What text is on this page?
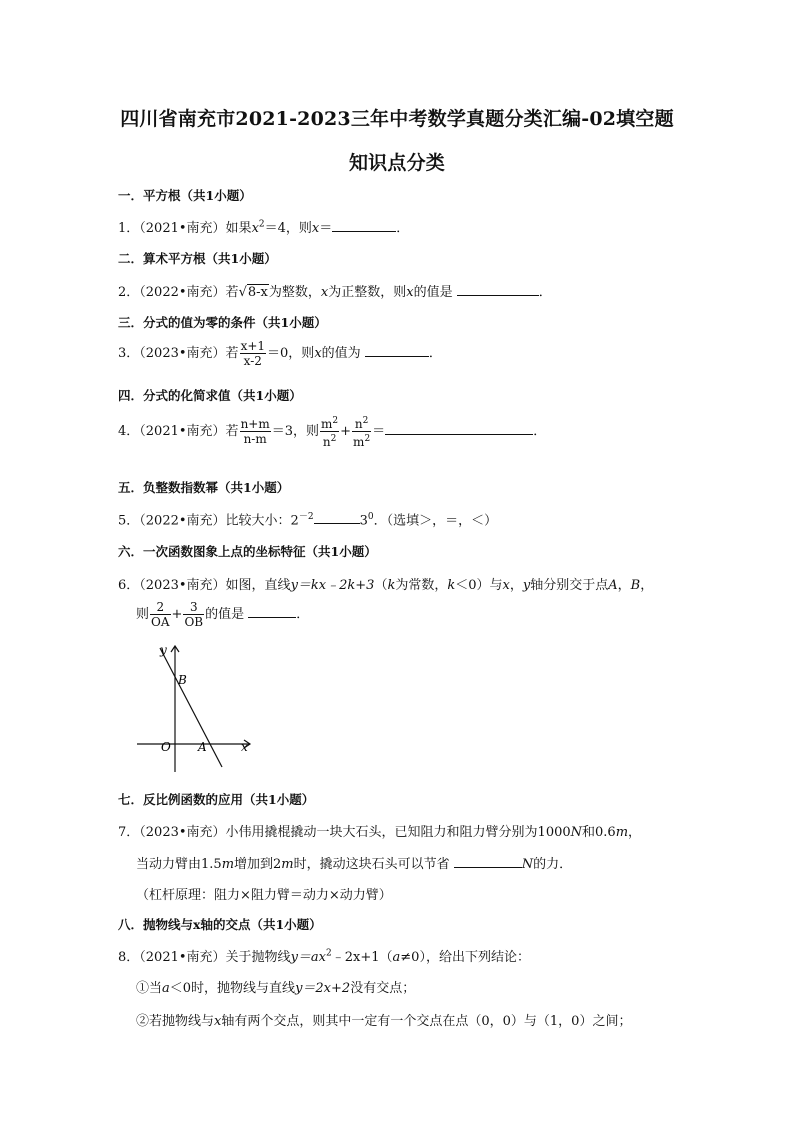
四川省南充市2021-2023三年中考数学真题分类汇编-02填空题
知识点分类
一．平方根（共1小题）
1．（2021•南充）如果$x^2=4$，则x＝	．
二．算术平方根（共1小题）
2．（2022•南充）若√8-x为整数，x为正整数，则x的值是	．
三．分式的值为零的条件（共1小题）
3．（2023•南充）若 $\frac{x+1}{x-2} =0$，则x的值为	．
四．分式的化简求值（共1小题）
4．（2021•南充）若 $\frac{n+m}{n-m} =3$，则 $\frac{m^2}{n^2} + \frac{n^2}{m^2}$ ＝	．
五．负整数指数幂（共1小题）
5．（2022•南充）比较大小：$2^{-2}$	$3^0$．（选填＞，＝，＜）
六．一次函数图象上点的坐标特征（共1小题）
6．（2023•南充）如图，直线y＝kx﹣2k+3（k为常数，k＜0）与x，y轴分别交于点A，B，
则 $\frac{2}{OA} + \frac{3}{OB}$ 的值是	．
y
x
O A
B
七．反比例函数的应用（共1小题）
7．（2023•南充）小伟用撬棍撬动一块大石头，已知阻力和阻力臂分别为1000N和0.6m，
当动力臂由1.5m增加到2m时，撬动这块石头可以节省	N的力．
（杠杆原理：阻力×阻力臂＝动力×动力臂）
八．抛物线与x轴的交点（共1小题）
8．（2021•南充）关于抛物线$y=ax^2﹣2x+1(a\ne 0)$，给出下列结论：
①当a＜0时，抛物线与直线y＝2x+2没有交点；
②若抛物线与x轴有两个交点，则其中一定有一个交点在点（0，0）与（1，0）之间；
